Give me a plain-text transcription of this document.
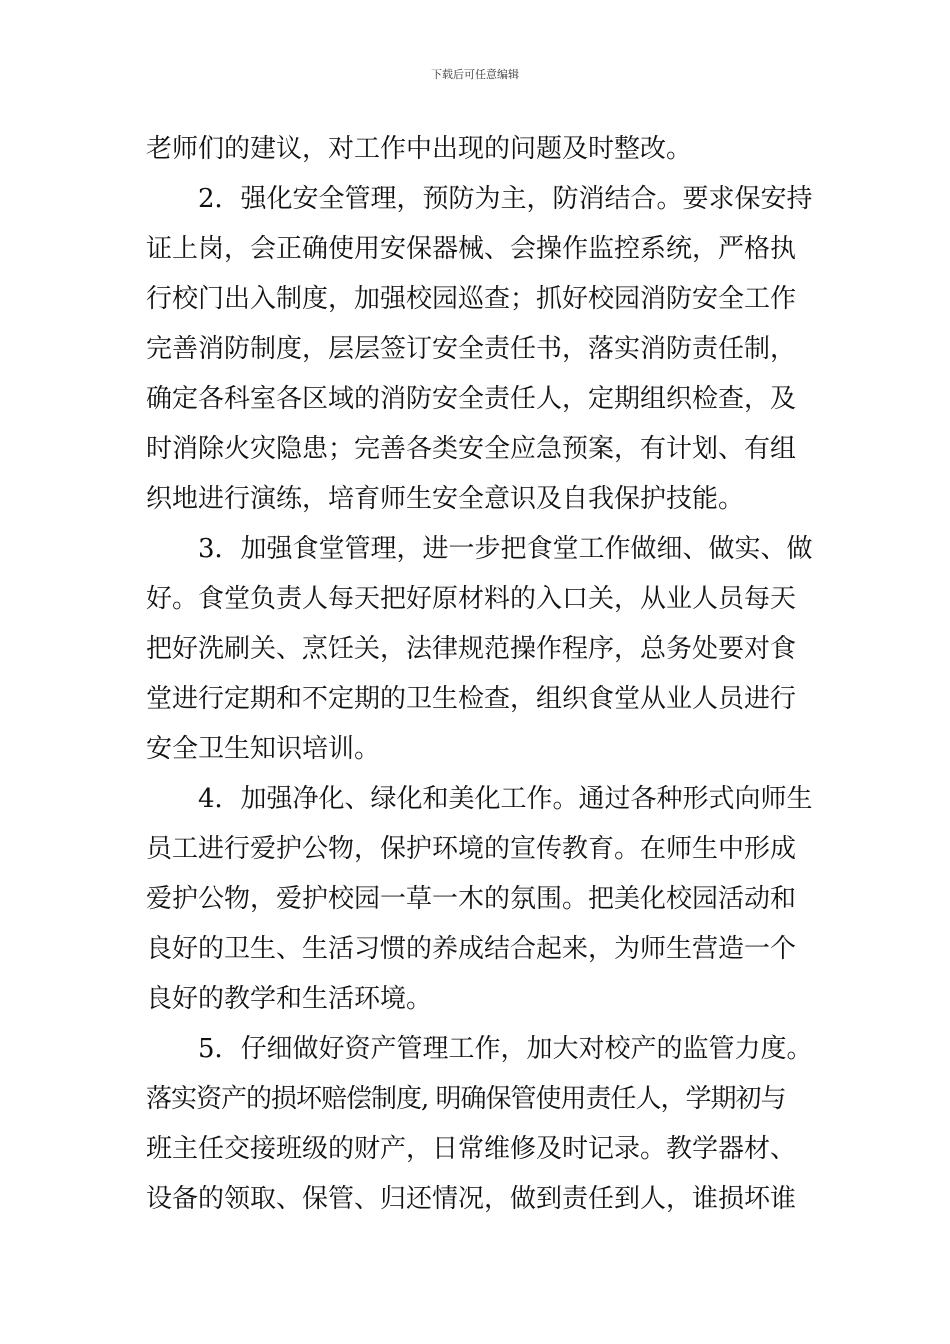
下载后可任意编辑
老师们的建议，对工作中出现的问题及时整改。
2．强化安全管理，预防为主，防消结合。要求保安持
证上岗，会正确使用安保器械、会操作监控系统，严格执
行校门出入制度，加强校园巡查；抓好校园消防安全工作
完善消防制度，层层签订安全责任书，落实消防责任制，
确定各科室各区域的消防安全责任人，定期组织检查，及
时消除火灾隐患；完善各类安全应急预案，有计划、有组
织地进行演练，培育师生安全意识及自我保护技能。
3．加强食堂管理，进一步把食堂工作做细、做实、做
好。食堂负责人每天把好原材料的入口关，从业人员每天
把好洗刷关、烹饪关，法律规范操作程序，总务处要对食
堂进行定期和不定期的卫生检查，组织食堂从业人员进行
安全卫生知识培训。
4．加强净化、绿化和美化工作。通过各种形式向师生
员工进行爱护公物，保护环境的宣传教育。在师生中形成
爱护公物，爱护校园一草一木的氛围。把美化校园活动和
良好的卫生、生活习惯的养成结合起来，为师生营造一个
良好的教学和生活环境。
5．仔细做好资产管理工作，加大对校产的监管力度。
落实资产的损坏赔偿制度, 明确保管使用责任人，学期初与
班主任交接班级的财产，日常维修及时记录。教学器材、
设备的领取、保管、归还情况，做到责任到人，谁损坏谁
